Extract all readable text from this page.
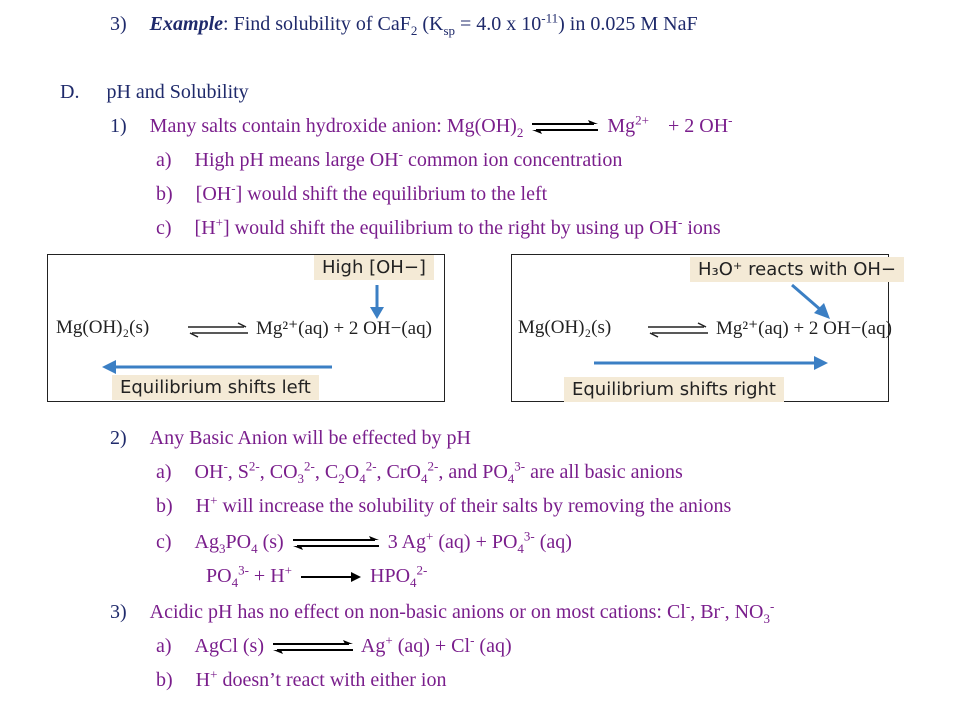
3) Example: Find solubility of CaF$_2$ ($K_{sp} = 4.0$ x $10^{-11}$) in 0.025 M NaF
D. pH and Solubility
1) Many salts contain hydroxide anion: $Mg(OH)_2$ ⇌ $Mg^{2+} + 2$ OH-
a) High pH means large OH- common ion concentration
b) [OH-] would shift the equilibrium to the left
c) [H+] would shift the equilibrium to the right by using up OH- ions
High [OH−]
Mg(OH)₂(s) ⇌ Mg²⁺(aq) + 2 OH−(aq)
Equilibrium shifts left
H₃O⁺ reacts with OH−
Mg(OH)₂(s) ⇌ Mg²⁺(aq) + 2 OH−(aq)
Equilibrium shifts right
2) Any Basic Anion will be effected by pH
a) OH-, $S^{2-}$, $CO_3^{2-}$, $C_2O_4^{2-}$, CrO$_4^{2-}$, and $PO_4^{3-}$ are all basic anions
b) H+ will increase the solubility of their salts by removing the anions
c) $Ag_3PO_4$ (s)	3 Ag+ $(aq) + PO_4^{3-}$ (aq)
$PO_4^{3-} + H^+ \to HPO_4^{2-}$
3) Acidic pH has no effect on non-basic anions or on most cations: Cl-, Br-, $NO_3^-$
a) AgCl (s) ⇌ Ag+ (aq) + Cl- (aq)
b) H+ doesn’t react with either ion
